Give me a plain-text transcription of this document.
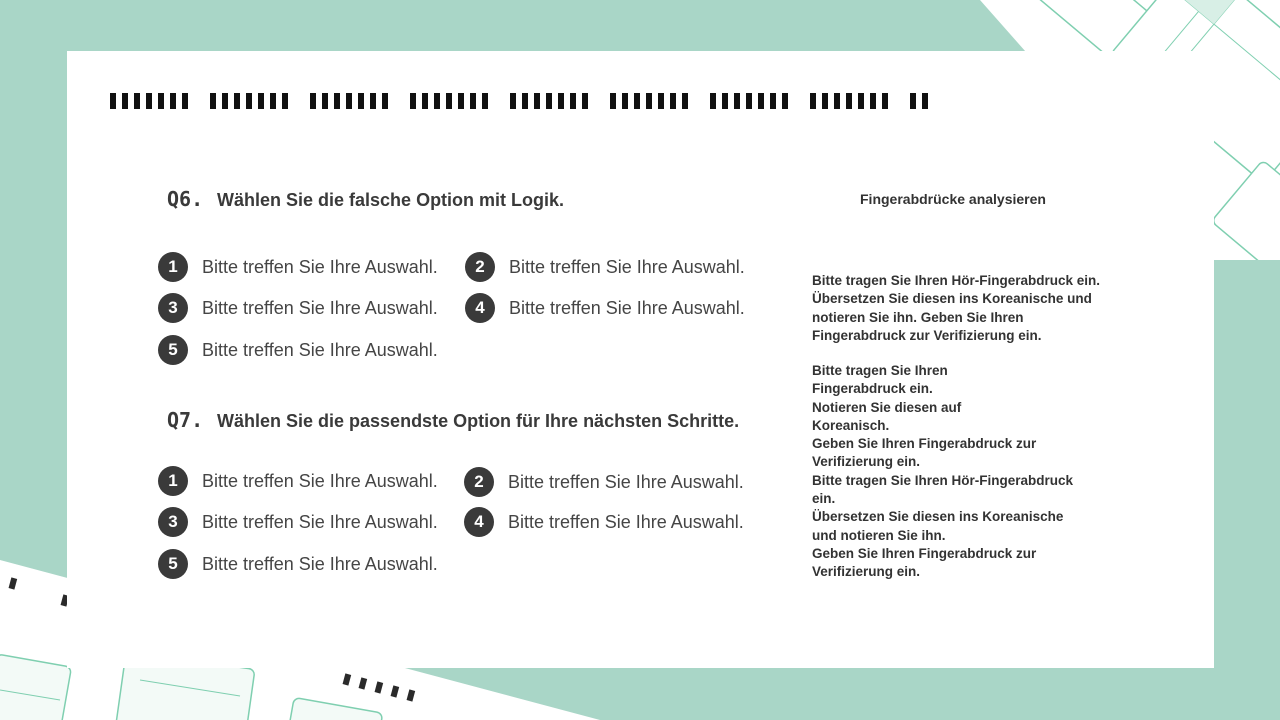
Q6. Wählen Sie die falsche Option mit Logik.
1	Bitte treffen Sie Ihre Auswahl.	2	Bitte treffen Sie Ihre Auswahl.
3	Bitte treffen Sie Ihre Auswahl.	4	Bitte treffen Sie Ihre Auswahl.
5	Bitte treffen Sie Ihre Auswahl.
Q7. Wählen Sie die passendste Option für Ihre nächsten Schritte.
1	Bitte treffen Sie Ihre Auswahl.	2	Bitte treffen Sie Ihre Auswahl.
3	Bitte treffen Sie Ihre Auswahl.	4	Bitte treffen Sie Ihre Auswahl.
5	Bitte treffen Sie Ihre Auswahl.
Fingerabdrücke analysieren
Bitte tragen Sie Ihren Hör-Fingerabdruck ein.
Übersetzen Sie diesen ins Koreanische und
notieren Sie ihn. Geben Sie Ihren
Fingerabdruck zur Verifizierung ein.
Bitte tragen Sie Ihren
Fingerabdruck ein.
Notieren Sie diesen auf
Koreanisch.
Geben Sie Ihren Fingerabdruck zur
Verifizierung ein.
Bitte tragen Sie Ihren Hör-Fingerabdruck
ein.
Übersetzen Sie diesen ins Koreanische
und notieren Sie ihn.
Geben Sie Ihren Fingerabdruck zur
Verifizierung ein.
